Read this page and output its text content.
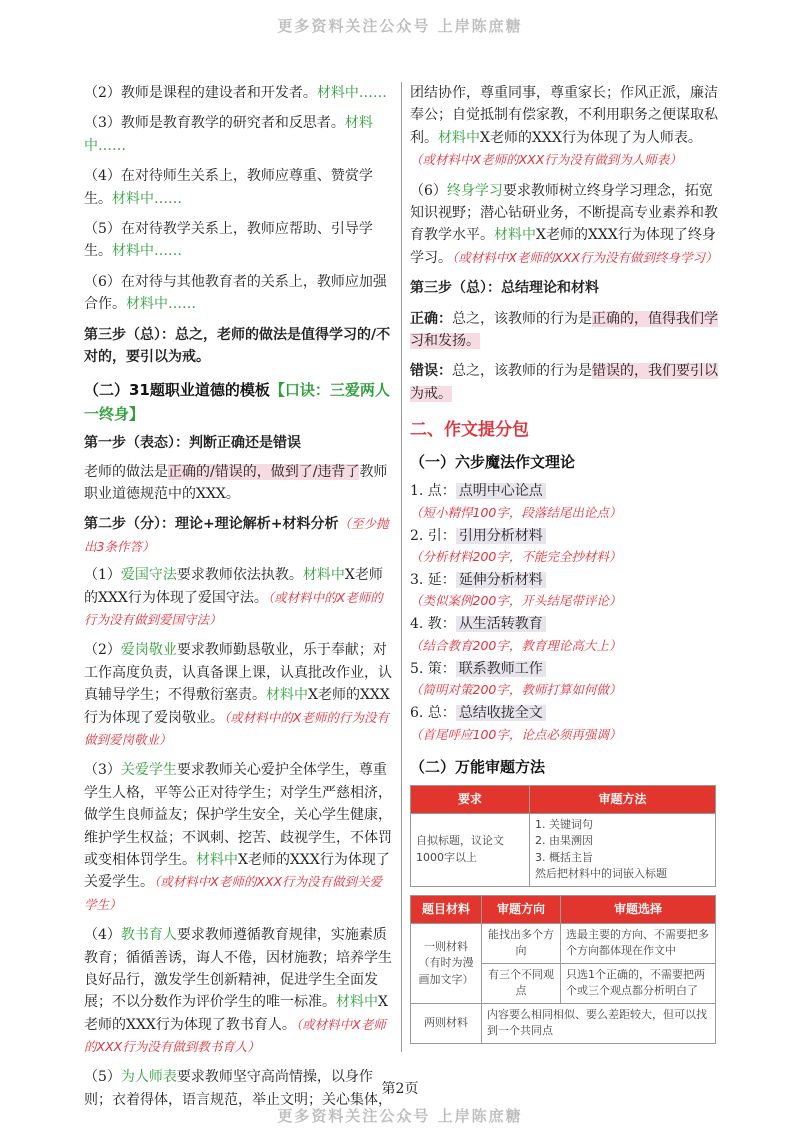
更多资料关注公众号 上岸陈庶糖

（2）教师是课程的建设者和开发者。材料中……

（3）教师是教育教学的研究者和反思者。材料中……

（4）在对待师生关系上，教师应尊重、赞赏学生。材料中……

（5）在对待教学关系上，教师应帮助、引导学生。材料中……

（6）在对待与其他教育者的关系上，教师应加强合作。材料中……

第三步（总）：总之，老师的做法是值得学习的/不对的，要引以为戒。

（二）31题职业道德的模板【口诀：三爱两人一终身】

第一步（表态）：判断正确还是错误

老师的做法是正确的/错误的，做到了/违背了教师职业道德规范中的XXX。

第二步（分）：理论+理论解析+材料分析（至少抛出3条作答）

（1）爱国守法要求教师依法执教。材料中X老师的XXX行为体现了爱国守法。（或材料中的X老师的行为没有做到爱国守法）

（2）爱岗敬业要求教师勤恳敬业，乐于奉献；对工作高度负责，认真备课上课，认真批改作业，认真辅导学生；不得敷衍塞责。材料中X老师的XXX行为体现了爱岗敬业。（或材料中的X老师的行为没有做到爱岗敬业）

（3）关爱学生要求教师关心爱护全体学生，尊重学生人格，平等公正对待学生；对学生严慈相济，做学生良师益友；保护学生安全，关心学生健康，维护学生权益；不讽刺、挖苦、歧视学生，不体罚或变相体罚学生。材料中X老师的XXX行为体现了关爱学生。（或材料中X老师的XXX行为没有做到关爱学生）

（4）教书育人要求教师遵循教育规律，实施素质教育；循循善诱，诲人不倦，因材施教；培养学生良好品行，激发学生创新精神，促进学生全面发展；不以分数作为评价学生的唯一标准。材料中X老师的XXX行为体现了教书育人。（或材料中X老师的XXX行为没有做到教书育人）

（5）为人师表要求教师坚守高尚情操，以身作则；衣着得体，语言规范，举止文明；关心集体，

团结协作，尊重同事，尊重家长；作风正派，廉洁奉公；自觉抵制有偿家教，不利用职务之便谋取私利。材料中X老师的XXX行为体现了为人师表。（或材料中X老师的XXX行为没有做到为人师表）

（6）终身学习要求教师树立终身学习理念，拓宽知识视野；潜心钻研业务，不断提高专业素养和教育教学水平。材料中X老师的XXX行为体现了终身学习。（或材料中X老师的XXX行为没有做到终身学习）

第三步（总）：总结理论和材料

正确：总之，该教师的行为是正确的，值得我们学习和发扬。

错误：总之，该教师的行为是错误的，我们要引以为戒。

二、作文提分包
（一）六步魔法作文理论
1. 点： 点明中心论点
（短小精悍100字，段落结尾出论点）
2. 引： 引用分析材料
（分析材料200字，不能完全抄材料）
3. 延： 延伸分析材料
（类似案例200字，开头结尾带评论）
4. 教： 从生活转教育
（结合教育200字，教育理论高大上）
5. 策： 联系教师工作
（简明对策200字，教师打算如何做）
6. 总： 总结收拢全文
（首尾呼应100字，论点必须再强调）
（二）万能审题方法
要求	审题方法
自拟标题，议论文1000字以上	1. 关键词句
2. 由果溯因
3. 概括主旨
然后把材料中的词嵌入标题
题目材料	审题方向	审题选择
一则材料（有时为漫画加文字）	能找出多个方向	选最主要的方向、不需要把多个方向都体现在作文中
	有三个不同观点	只选1个正确的，不需要把两个或三个观点都分析明白了
两则材料	内容要么相同相似、要么差距较大，但可以找到一个共同点	
第2页
更多资料关注公众号 上岸陈庶糖
